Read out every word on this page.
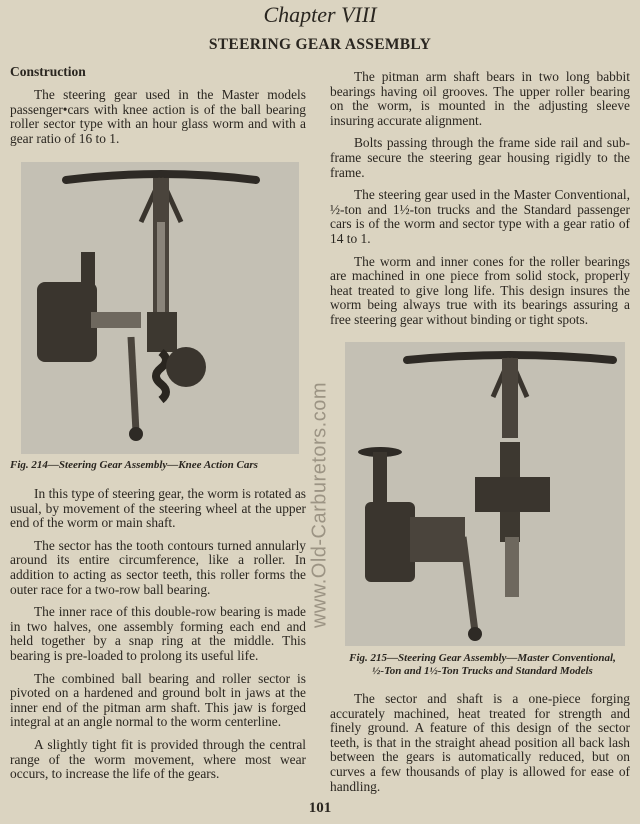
Chapter VIII
STEERING GEAR ASSEMBLY
Construction

The steering gear used in the Master models passenger•cars with knee action is of the ball bearing roller sector type with an hour glass worm and with a gear ratio of 16 to 1.

Fig. 214—Steering Gear Assembly—Knee Action Cars

In this type of steering gear, the worm is rotated as usual, by movement of the steering wheel at the upper end of the worm or main shaft.

The sector has the tooth contours turned annularly around its entire circumference, like a roller. In addition to acting as sector teeth, this roller forms the outer race for a two-row ball bearing.

The inner race of this double-row bearing is made in two halves, one assembly forming each end and held together by a snap ring at the middle. This bearing is pre-loaded to prolong its useful life.

The combined ball bearing and roller sector is pivoted on a hardened and ground bolt in jaws at the inner end of the pitman arm shaft. This jaw is forged integral at an angle normal to the worm centerline.

A slightly tight fit is provided through the central range of the worm movement, where most wear occurs, to increase the life of the gears.

The pitman arm shaft bears in two long babbit bearings having oil grooves. The upper roller bearing on the worm, is mounted in the adjusting sleeve insuring accurate alignment.

Bolts passing through the frame side rail and sub-frame secure the steering gear housing rigidly to the frame.

The steering gear used in the Master Conventional, ½-ton and 1½-ton trucks and the Standard passenger cars is of the worm and sector type with a gear ratio of 14 to 1.

The worm and inner cones for the roller bearings are machined in one piece from solid stock, properly heat treated to give long life. This design insures the worm being always true with its bearings assuring a free steering gear without binding or tight spots.

Fig. 215—Steering Gear Assembly—Master Conventional,
½-Ton and 1½-Ton Trucks and Standard Models

The sector and shaft is a one-piece forging accurately machined, heat treated for strength and finely ground. A feature of this design of the sector teeth, is that in the straight ahead position all back lash between the gears is automatically reduced, but on curves a few thousands of play is allowed for ease of handling.

www.Old-Carburetors.com
101
